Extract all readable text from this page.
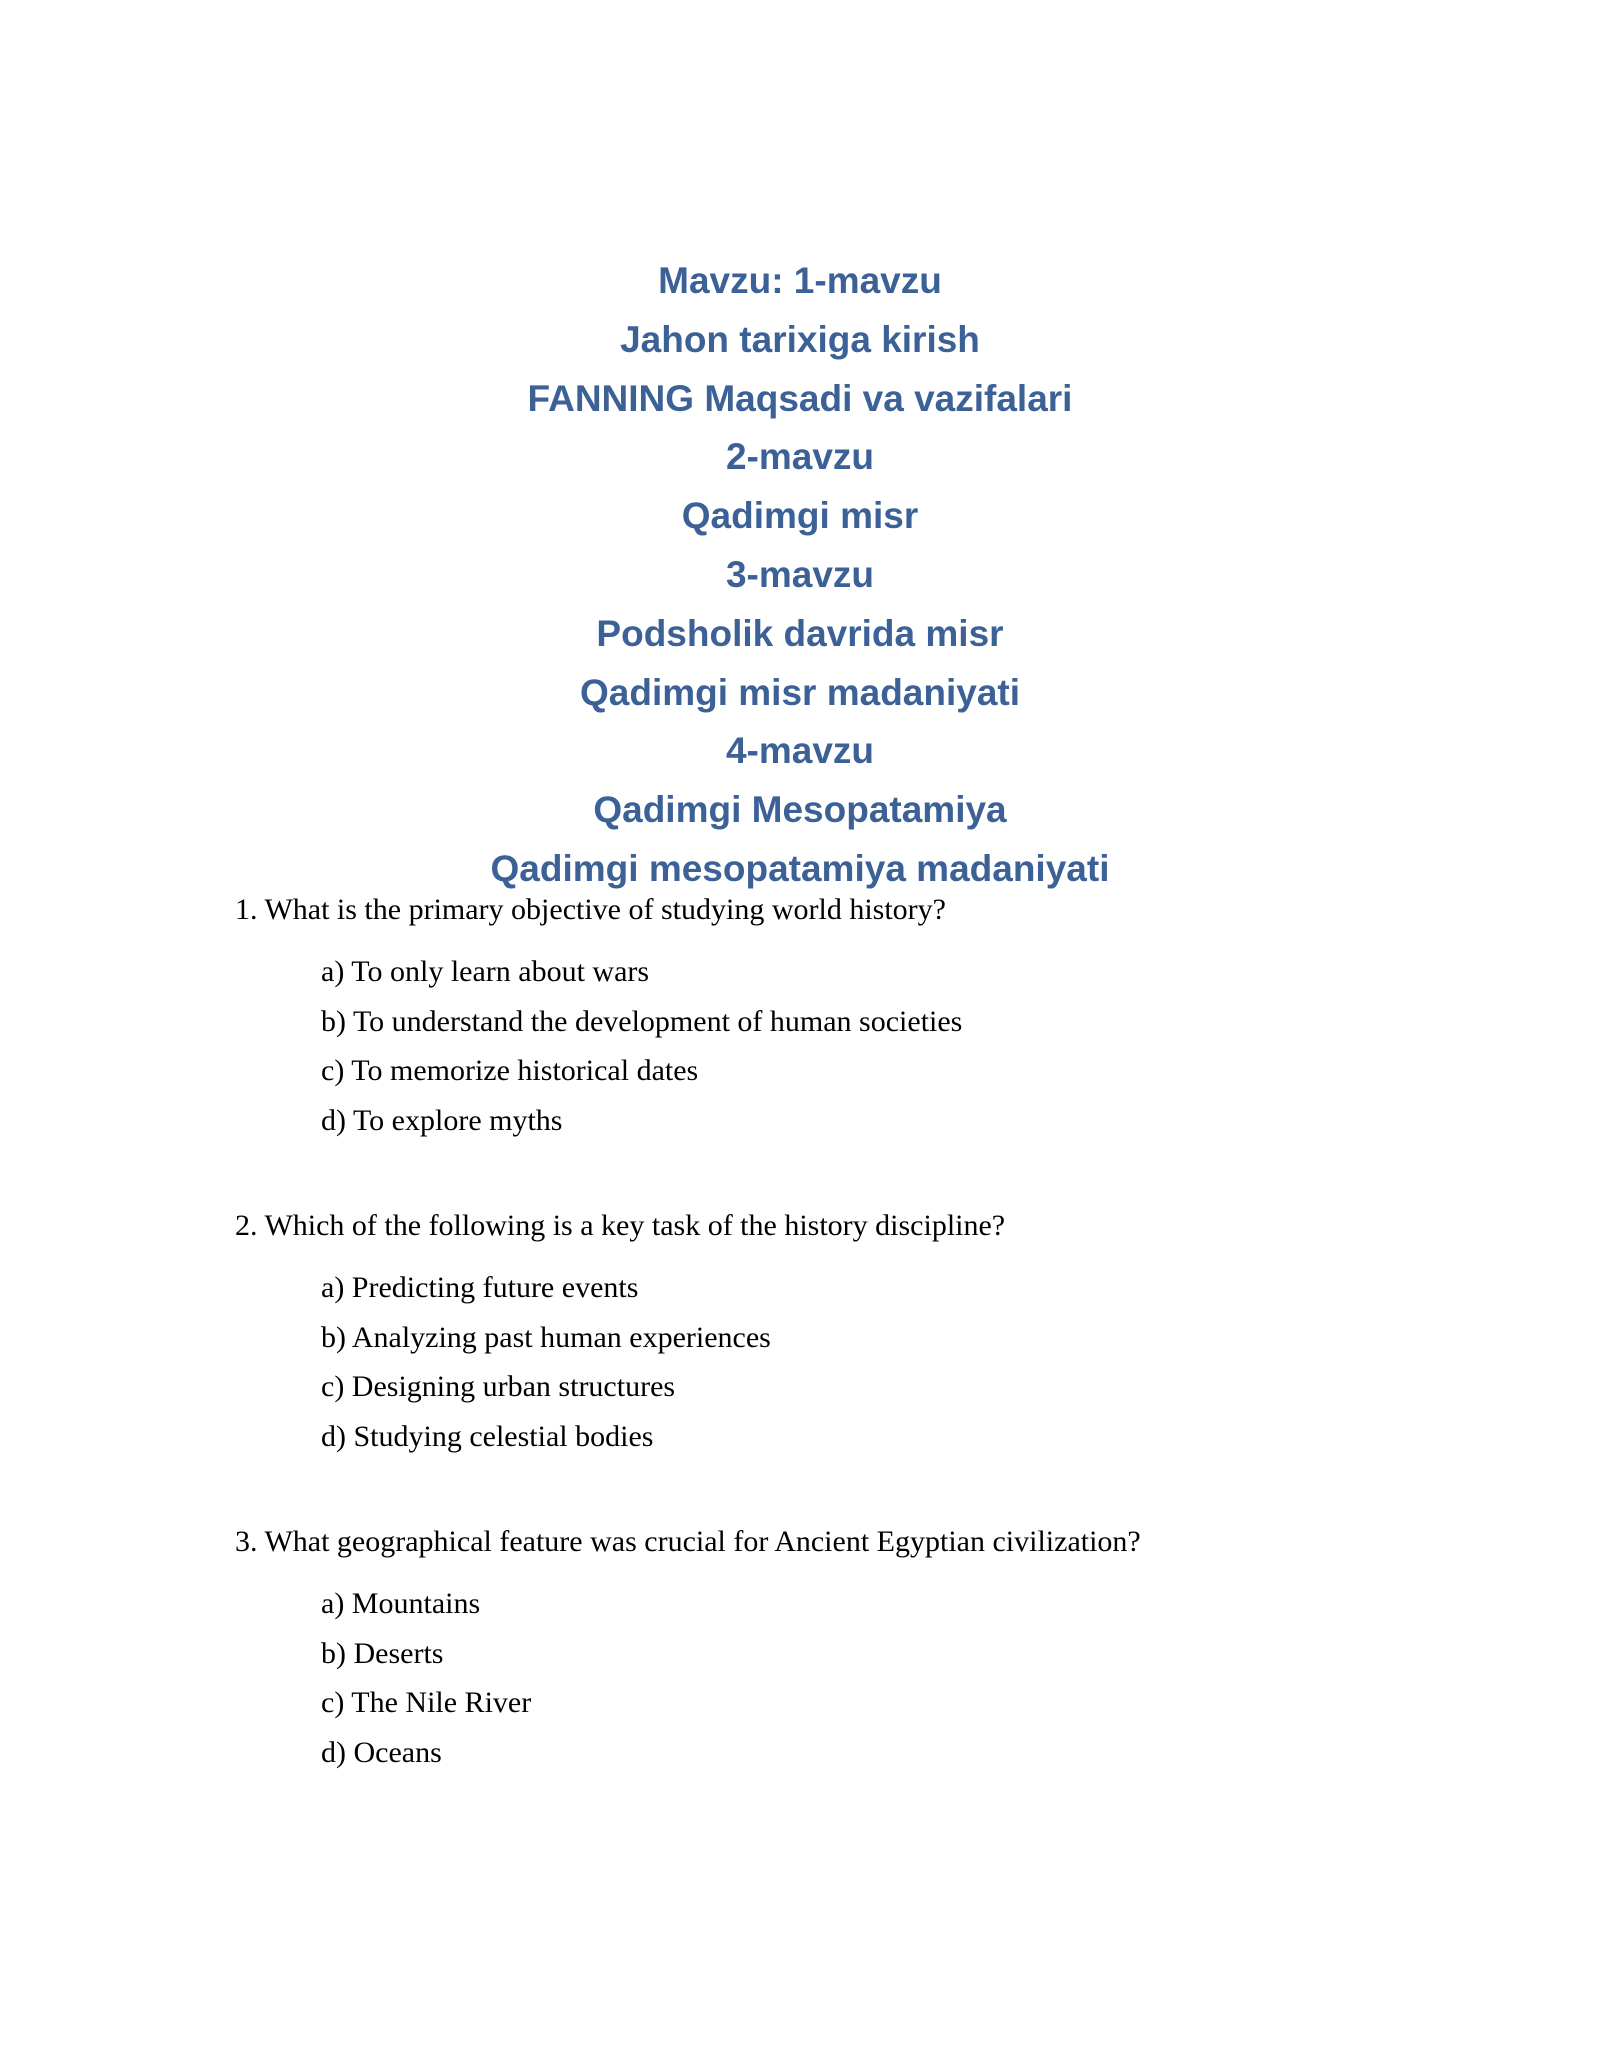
Mavzu: 1-mavzu

Jahon tarixiga kirish

FANNING Maqsadi va vazifalari

2-mavzu

Qadimgi misr

3-mavzu

Podsholik davrida misr

Qadimgi misr madaniyati

4-mavzu

Qadimgi Mesopatamiya

Qadimgi mesopatamiya madaniyati

1. What is the primary objective of studying world history?

a) To only learn about wars

b) To understand the development of human societies

c) To memorize historical dates

d) To explore myths

2. Which of the following is a key task of the history discipline?

a) Predicting future events

b) Analyzing past human experiences

c) Designing urban structures

d) Studying celestial bodies

3. What geographical feature was crucial for Ancient Egyptian civilization?

a) Mountains

b) Deserts

c) The Nile River

d) Oceans
